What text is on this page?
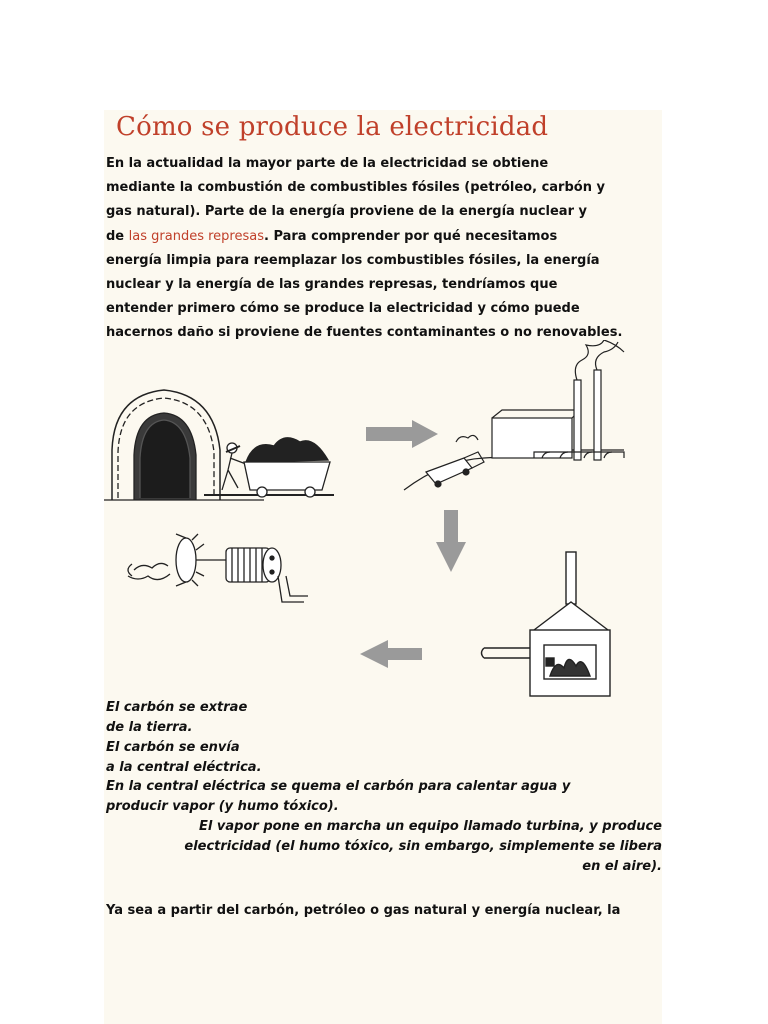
Cómo se produce la electricidad

En la actualidad la mayor parte de la electricidad se obtiene
mediante la combustión de combustibles fósiles (petróleo, carbón y
gas natural). Parte de la energía proviene de la energía nuclear y
de las grandes represas. Para comprender por qué necesitamos
energía limpia para reemplazar los combustibles fósiles, la energía
nuclear y la energía de las grandes represas, tendríamos que
entender primero cómo se produce la electricidad y cómo puede
hacernos daño si proviene de fuentes contaminantes o no renovables.

El carbón se extrae

de la tierra.

El carbón se envía

a la central eléctrica.

En la central eléctrica se quema el carbón para calentar agua y

producir vapor (y humo tóxico).

El vapor pone en marcha un equipo llamado turbina, y produce

electricidad (el humo tóxico, sin embargo, simplemente se libera

en el aire).

Ya sea a partir del carbón, petróleo o gas natural y energía nuclear, la
